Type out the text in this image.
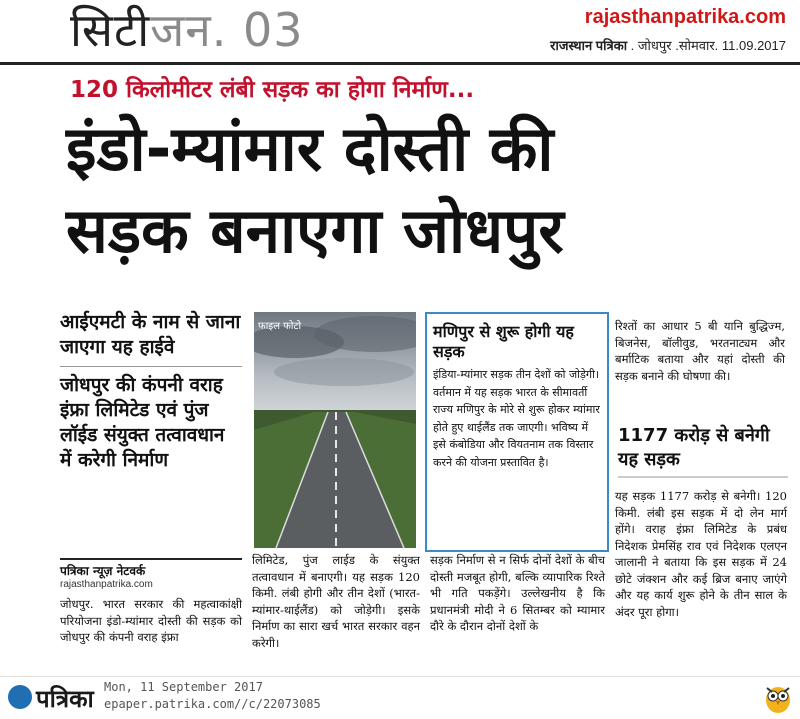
सिटीजन. 03	rajasthanpatrika.com
राजस्थान पत्रिका . जोधपुर .सोमवार. 11.09.2017
120 किलोमीटर लंबी सड़क का होगा निर्माण...
इंडो-म्यांमार दोस्ती की
सड़क बनाएगा जोधपुर
आईएमटी के नाम से जाना जाएगा यह हाईवे
जोधपुर की कंपनी वराह इंफ्रा लिमिटेड एवं पुंज लॉईड संयुक्त तत्वावधान में करेगी निर्माण
पत्रिका न्यूज़ नेटवर्क
rajasthanpatrika.com
जोधपुर. भारत सरकार की महत्वाकांक्षी परियोजना इंडो-म्यांमार दोस्ती की सड़क को जोधपुर की कंपनी वराह इंफ्रा
फाइल फोटो
लिमिटेड, पुंज लाईड के संयुक्त तत्वावधान में बनाएगी। यह सड़क 120 किमी. लंबी होगी और तीन देशों (भारत-म्यांमार-थाईलैंड) को जोड़ेगी। इसके निर्माण का सारा खर्च भारत सरकार वहन करेगी।
मणिपुर से शुरू होगी यह सड़क
इंडिया-म्यांमार सड़क तीन देशों को जोड़ेगी। वर्तमान में यह सड़क भारत के सीमावर्ती राज्य मणिपुर के मोरे से शुरू होकर म्यांमार होते हुए थाईलैंड तक जाएगी। भविष्य में इसे कंबोडिया और वियतनाम तक विस्तार करने की योजना प्रस्तावित है।
सड़क निर्माण से न सिर्फ दोनों देशों के बीच दोस्ती मजबूत होगी, बल्कि व्यापारिक रिश्ते भी गति पकड़ेंगे। उल्लेखनीय है कि प्रधानमंत्री मोदी ने 6 सितम्बर को म्यामार दौरे के दौरान दोनों देशों के
रिश्तों का आधार 5 बी यानि बुद्धिज्म, बिजनेस, बॉलीवुड, भरतनाट्यम और बर्माटिक बताया और यहां दोस्ती की सड़क बनाने की घोषणा की।
1177 करोड़ से बनेगी यह सड़क
यह सड़क 1177 करोड़ से बनेगी। 120 किमी. लंबी इस सड़क में दो लेन मार्ग होंगे। वराह इंफ्रा लिमिटेड के प्रबंध निदेशक प्रेमसिंह राव एवं निदेशक एलएन जालानी ने बताया कि इस सड़क में 24 छोटे जंक्शन और कई ब्रिज बनाए जाएंगे और यह कार्य शुरू होने के तीन साल के अंदर पूरा होगा।
पत्रिका Mon, 11 September 2017
epaper.patrika.com//c/22073085
